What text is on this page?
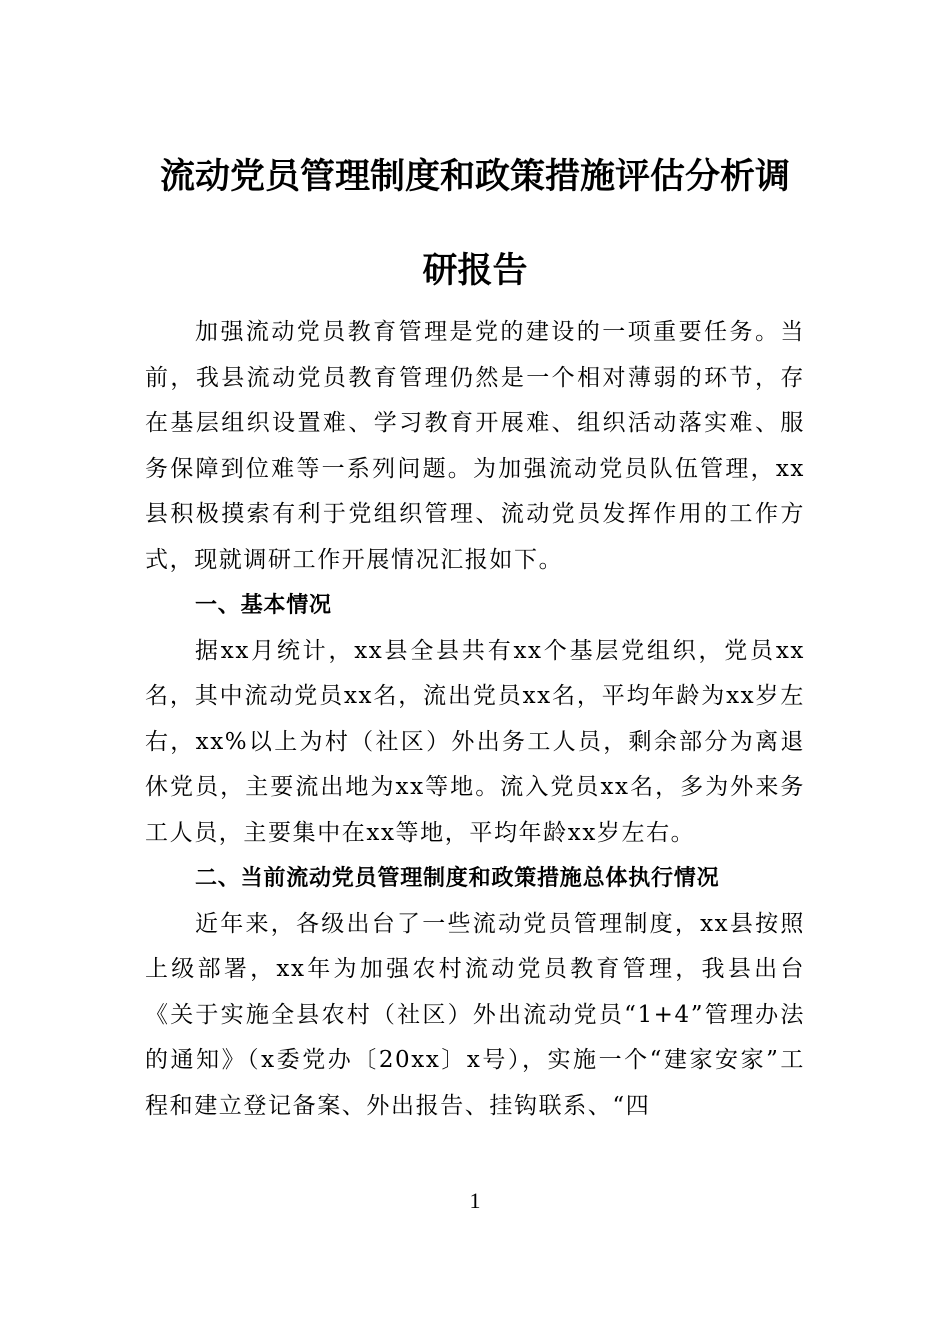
流动党员管理制度和政策措施评估分析调
研报告

加强流动党员教育管理是党的建设的一项重要任务。当前，我县流动党员教育管理仍然是一个相对薄弱的环节，存在基层组织设置难、学习教育开展难、组织活动落实难、服务保障到位难等一系列问题。为加强流动党员队伍管理，xx县积极摸索有利于党组织管理、流动党员发挥作用的工作方式，现就调研工作开展情况汇报如下。

一、基本情况

据xx月统计，xx县全县共有xx个基层党组织，党员xx名，其中流动党员xx名，流出党员xx名，平均年龄为xx岁左右，xx%以上为村（社区）外出务工人员，剩余部分为离退休党员，主要流出地为xx等地。流入党员xx名，多为外来务工人员，主要集中在xx等地，平均年龄xx岁左右。

二、当前流动党员管理制度和政策措施总体执行情况

近年来，各级出台了一些流动党员管理制度，xx县按照上级部署，xx年为加强农村流动党员教育管理，我县出台《关于实施全县农村（社区）外出流动党员“1+4”管理办法的通知》（x委党办〔20xx〕x号），实施一个“建家安家”工程和建立登记备案、外出报告、挂钩联系、“四

1
